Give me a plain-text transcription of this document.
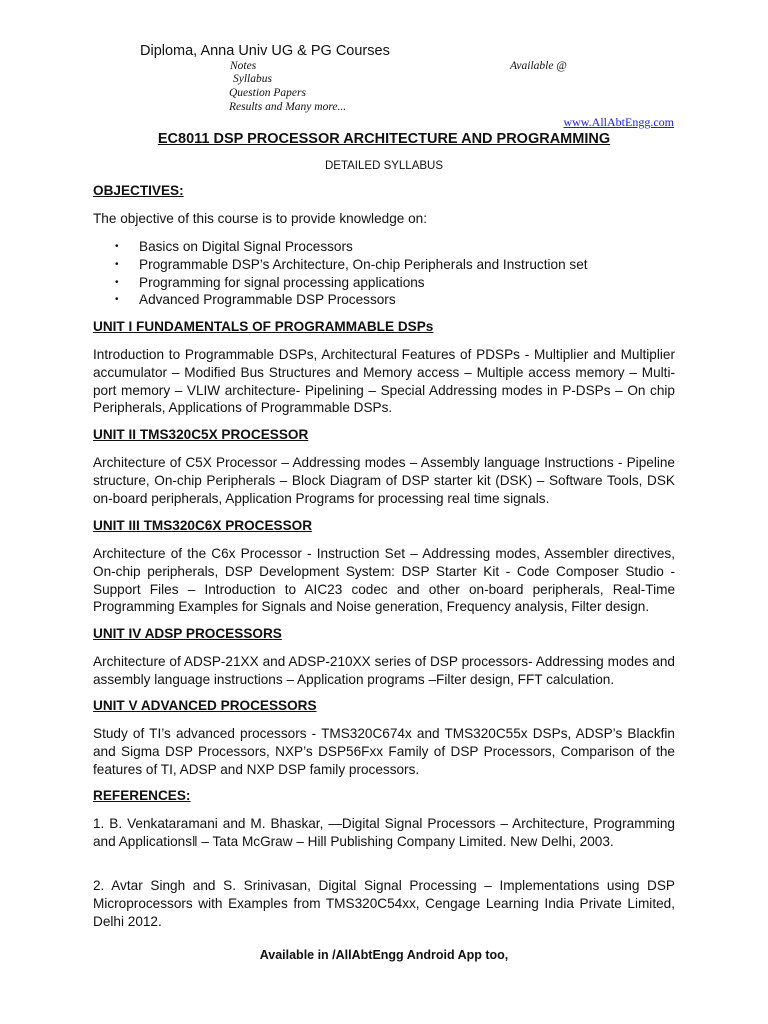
Diploma, Anna Univ UG & PG Courses
Notes
Syllabus
Question Papers
Results and Many more...
Available @
www.AllAbtEngg.com
EC8011 DSP PROCESSOR ARCHITECTURE AND PROGRAMMING
DETAILED SYLLABUS
OBJECTIVES:
The objective of this course is to provide knowledge on:
• Basics on Digital Signal Processors
• Programmable DSP’s Architecture, On-chip Peripherals and Instruction set
• Programming for signal processing applications
• Advanced Programmable DSP Processors
UNIT I FUNDAMENTALS OF PROGRAMMABLE DSPs
Introduction to Programmable DSPs, Architectural Features of PDSPs - Multiplier and Multiplier accumulator – Modified Bus Structures and Memory access – Multiple access memory – Multi-port memory – VLIW architecture- Pipelining – Special Addressing modes in P-DSPs – On chip Peripherals, Applications of Programmable DSPs.
UNIT II TMS320C5X PROCESSOR
Architecture of C5X Processor – Addressing modes – Assembly language Instructions - Pipeline structure, On-chip Peripherals – Block Diagram of DSP starter kit (DSK) – Software Tools, DSK on-board peripherals, Application Programs for processing real time signals.
UNIT III TMS320C6X PROCESSOR
Architecture of the C6x Processor - Instruction Set – Addressing modes, Assembler directives, On-chip peripherals, DSP Development System: DSP Starter Kit - Code Composer Studio - Support Files – Introduction to AIC23 codec and other on-board peripherals, Real-Time Programming Examples for Signals and Noise generation, Frequency analysis, Filter design.
UNIT IV ADSP PROCESSORS
Architecture of ADSP-21XX and ADSP-210XX series of DSP processors- Addressing modes and assembly language instructions – Application programs –Filter design, FFT calculation.
UNIT V ADVANCED PROCESSORS
Study of TI’s advanced processors - TMS320C674x and TMS320C55x DSPs, ADSP’s Blackfin and Sigma DSP Processors, NXP’s DSP56Fxx Family of DSP Processors, Comparison of the features of TI, ADSP and NXP DSP family processors.
REFERENCES:
1. B. Venkataramani and M. Bhaskar, ―Digital Signal Processors – Architecture, Programming and Applications‖ – Tata McGraw – Hill Publishing Company Limited. New Delhi, 2003.
2. Avtar Singh and S. Srinivasan, Digital Signal Processing – Implementations using DSP Microprocessors with Examples from TMS320C54xx, Cengage Learning India Private Limited, Delhi 2012.
Available in /AllAbtEngg Android App too,
